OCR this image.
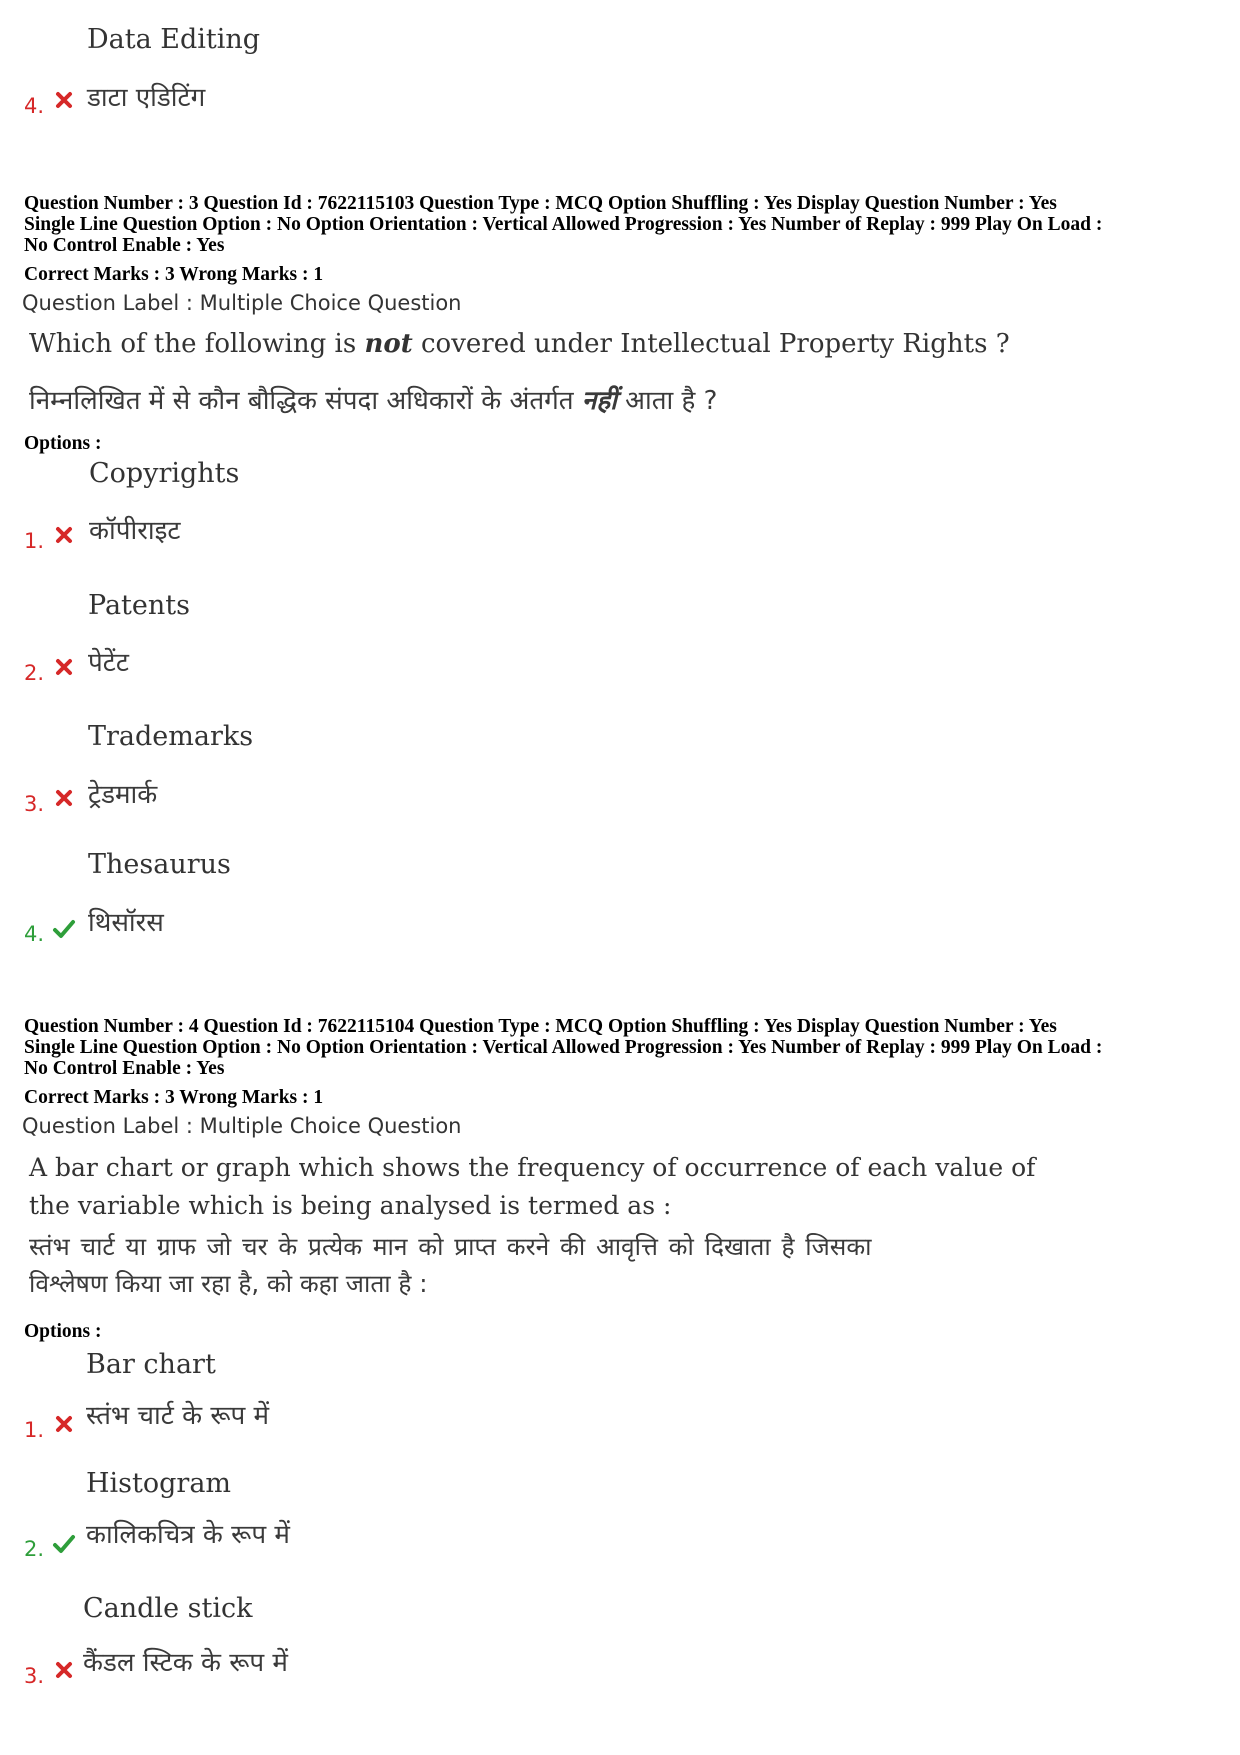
Data Editing
4. डाटा एडिटिंग
Question Number : 3 Question Id : 7622115103 Question Type : MCQ Option Shuffling : Yes Display Question Number : Yes
Single Line Question Option : No Option Orientation : Vertical Allowed Progression : Yes Number of Replay : 999 Play On Load :
No Control Enable : Yes
Correct Marks : 3 Wrong Marks : 1
Question Label : Multiple Choice Question
Which of the following is not covered under Intellectual Property Rights ?
निम्नलिखित में से कौन बौद्धिक संपदा अधिकारों के अंतर्गत नहीं आता है ?
Options :
Copyrights
1. कॉपीराइट
Patents
2. पेटेंट
Trademarks
3. ट्रेडमार्क
Thesaurus
4. थिसॉरस
Question Number : 4 Question Id : 7622115104 Question Type : MCQ Option Shuffling : Yes Display Question Number : Yes
Single Line Question Option : No Option Orientation : Vertical Allowed Progression : Yes Number of Replay : 999 Play On Load :
No Control Enable : Yes
Correct Marks : 3 Wrong Marks : 1
Question Label : Multiple Choice Question
A bar chart or graph which shows the frequency of occurrence of each value of
the variable which is being analysed is termed as :
स्तंभ चार्ट या ग्राफ जो चर के प्रत्येक मान को प्राप्त करने की आवृत्ति को दिखाता है जिसका
विश्लेषण किया जा रहा है, को कहा जाता है :
Options :
Bar chart
1. स्तंभ चार्ट के रूप में
Histogram
2. कालिकचित्र के रूप में
Candle stick
3. कैंडल स्टिक के रूप में
